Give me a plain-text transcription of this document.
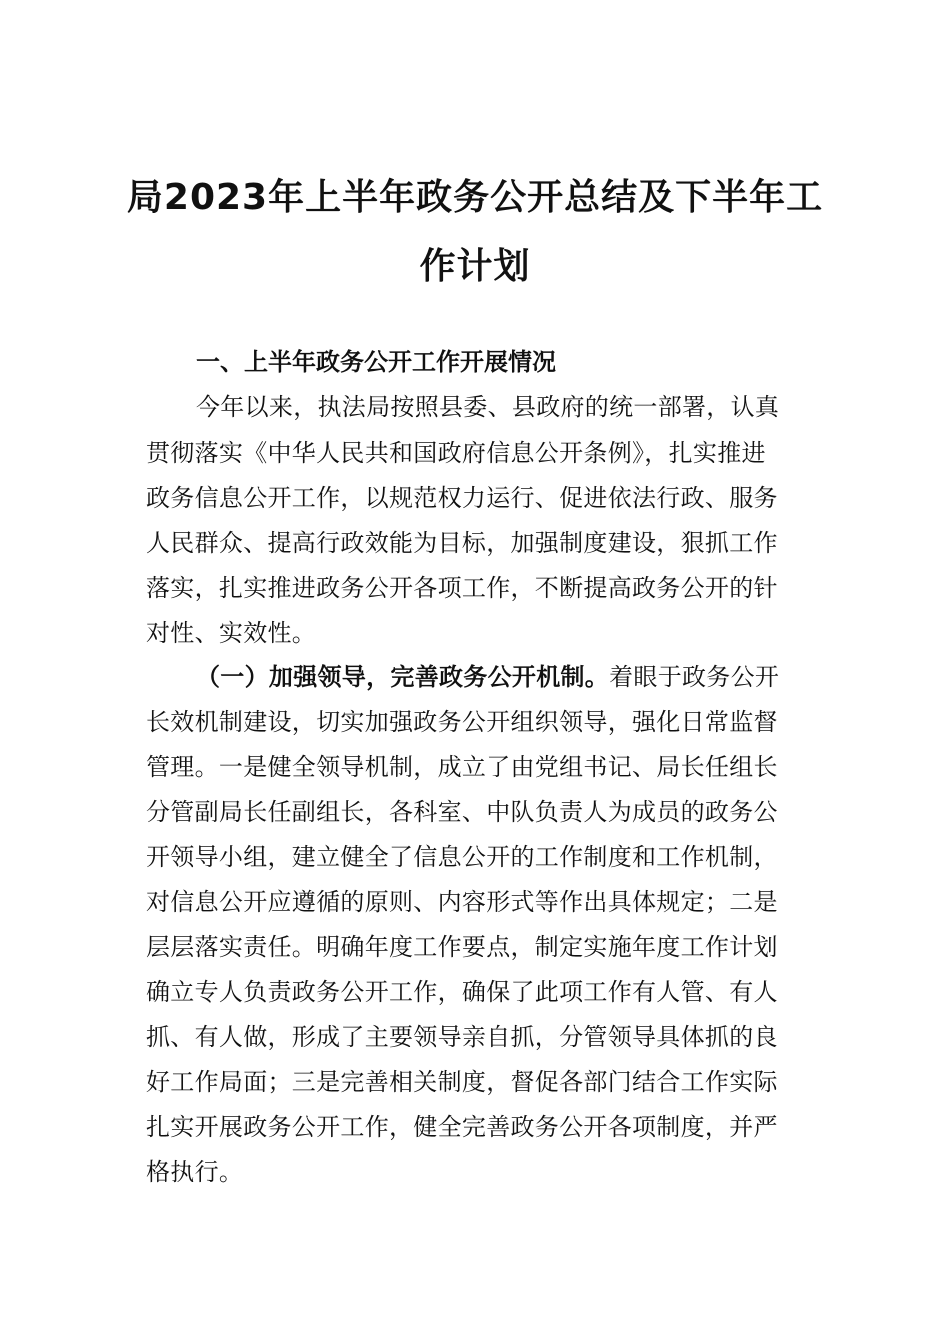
局2023年上半年政务公开总结及下半年工
作计划
一、上半年政务公开工作开展情况
今年以来，执法局按照县委、县政府的统一部署，认真
贯彻落实《中华人民共和国政府信息公开条例》，扎实推进
政务信息公开工作，以规范权力运行、促进依法行政、服务
人民群众、提高行政效能为目标，加强制度建设，狠抓工作
落实，扎实推进政务公开各项工作，不断提高政务公开的针
对性、实效性。
（一）加强领导，完善政务公开机制。着眼于政务公开
长效机制建设，切实加强政务公开组织领导，强化日常监督
管理。一是健全领导机制，成立了由党组书记、局长任组长
分管副局长任副组长，各科室、中队负责人为成员的政务公
开领导小组，建立健全了信息公开的工作制度和工作机制，
对信息公开应遵循的原则、内容形式等作出具体规定；二是
层层落实责任。明确年度工作要点，制定实施年度工作计划
确立专人负责政务公开工作，确保了此项工作有人管、有人
抓、有人做，形成了主要领导亲自抓，分管领导具体抓的良
好工作局面；三是完善相关制度，督促各部门结合工作实际
扎实开展政务公开工作，健全完善政务公开各项制度，并严
格执行。
